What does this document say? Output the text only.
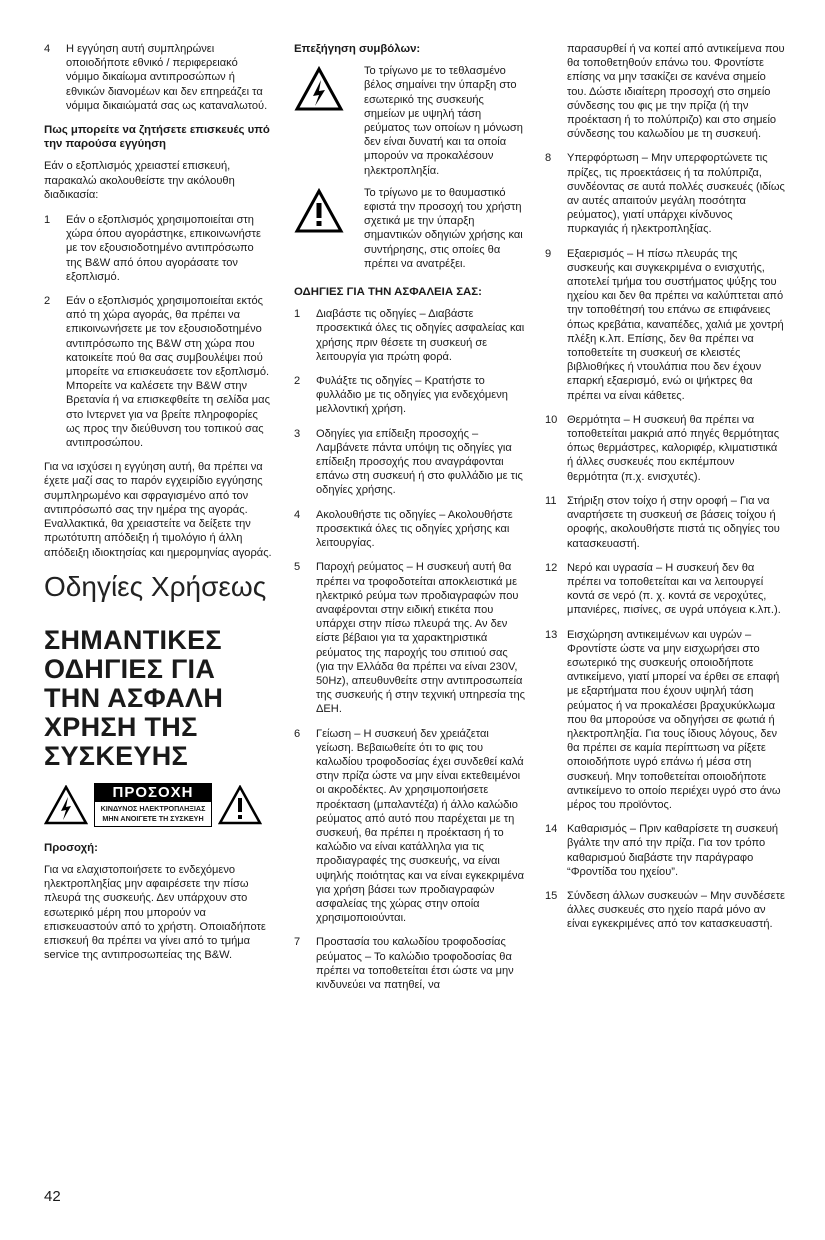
4	Η εγγύηση αυτή συμπληρώνει οποιοδήποτε εθνικό / περιφερειακό νόμιμο δικαίωμα αντιπροσώπων ή εθνικών διανομέων και δεν επηρεάζει τα νόμιμα δικαιώματά σας ως καταναλωτού.
Πως μπορείτε να ζητήσετε επισκευές υπό την παρούσα εγγύηση

Εάν ο εξοπλισμός χρειαστεί επισκευή, παρακαλώ ακολουθείστε την ακόλουθη διαδικασία:

1	Εάν ο εξοπλισμός χρησιμοποιείται στη χώρα όπου αγοράστηκε, επικοινωνήστε με τον εξουσιοδοτημένο αντιπρόσωπο της B&W από όπου αγοράσατε τον εξοπλισμό.
2	Εάν ο εξοπλισμός χρησιμοποιείται εκτός από τη χώρα αγοράς, θα πρέπει να επικοινωνήσετε με τον εξουσιοδοτημένο αντιπρόσωπο της B&W στη χώρα που κατοικείτε πού θα σας συμβουλέψει πού μπορείτε να επισκευάσετε τον εξοπλισμό. Μπορείτε να καλέσετε την B&W στην Βρετανία ή να επισκεφθείτε τη σελίδα μας στο Ιντερνετ για να βρείτε πληροφορίες ως προς την διεύθυνση του τοπικού σας αντιπροσώπου.

Για να ισχύσει η εγγύηση αυτή, θα πρέπει να έχετε μαζί σας το παρόν εγχειρίδιο εγγύησης συμπληρωμένο και σφραγισμένο από τον αντιπρόσωπό σας την ημέρα της αγοράς. Εναλλακτικά, θα χρειαστείτε να δείξετε την πρωτότυπη απόδειξη ή τιμολόγιο ή άλλη απόδειξη ιδιοκτησίας και ημερομηνίας αγοράς.

Οδηγίες Χρήσεως
ΣΗΜΑΝΤΙΚΕΣ ΟΔΗΓΙΕΣ ΓΙΑ ΤΗΝ ΑΣΦΑΛΗ ΧΡΗΣΗ ΤΗΣ ΣΥΣΚΕΥΗΣ
ΠΡΟΣΟΧΗ
ΚΙΝΔΥΝΟΣ ΗΛΕΚΤΡΟΠΛΗΞΙΑΣ
ΜΗΝ ΑΝΟΙΓΕΤΕ ΤΗ ΣΥΣΚΕΥΗ
Προσοχή:

Για να ελαχιστοποιήσετε το ενδεχόμενο ηλεκτροπληξίας μην αφαιρέσετε την πίσω πλευρά της συσκευής. Δεν υπάρχουν στο εσωτερικό μέρη που μπορούν να επισκευαστούν από το χρήστη. Οποιαδήποτε επισκευή θα πρέπει να γίνει από το τμήμα service της αντιπροσωπείας της B&W.

Επεξήγηση συμβόλων:
Το τρίγωνο με το τεθλασμένο βέλος σημαίνει την ύπαρξη στο εσωτερικό της συσκευής σημείων με υψηλή τάση ρεύματος των οποίων η μόνωση δεν είναι δυνατή και τα οποία μπορούν να προκαλέσουν ηλεκτροπληξία.
Το τρίγωνο με το θαυμαστικό εφιστά την προσοχή του χρήστη σχετικά με την ύπαρξη σημαντικών οδηγιών χρήσης και συντήρησης, στις οποίες θα πρέπει να ανατρέξει.
ΟΔΗΓΙΕΣ ΓΙΑ ΤΗΝ ΑΣΦΑΛΕΙΑ ΣΑΣ:
1	Διαβάστε τις οδηγίες – Διαβάστε προσεκτικά όλες τις οδηγίες ασφαλείας και χρήσης πριν θέσετε τη συσκευή σε λειτουργία για πρώτη φορά.
2	Φυλάξτε τις οδηγίες – Κρατήστε το φυλλάδιο με τις οδηγίες για ενδεχόμενη μελλοντική χρήση.
3	Οδηγίες για επίδειξη προσοχής – Λαμβάνετε πάντα υπόψη τις οδηγίες για επίδειξη προσοχής που αναγράφονται επάνω στη συσκευή ή στο φυλλάδιο με τις οδηγίες χρήσης.
4	Ακολουθήστε τις οδηγίες – Ακολουθήστε προσεκτικά όλες τις οδηγίες χρήσης και λειτουργίας.
5	Παροχή ρεύματος – Η συσκευή αυτή θα πρέπει να τροφοδοτείται αποκλειστικά με ηλεκτρικό ρεύμα των προδιαγραφών που αναφέρονται στην ειδική ετικέτα που υπάρχει στην πίσω πλευρά της. Αν δεν είστε βέβαιοι για τα χαρακτηριστικά ρεύματος της παροχής του σπιτιού σας (για την Ελλάδα θα πρέπει να είναι 230V, 50Hz), απευθυνθείτε στην αντιπροσωπεία της συσκευής ή στην τεχνική υπηρεσία της ΔΕΗ.
6	Γείωση – Η συσκευή δεν χρειάζεται γείωση. Βεβαιωθείτε ότι το φις του καλωδίου τροφοδοσίας έχει συνδεθεί καλά στην πρίζα ώστε να μην είναι εκτεθειμένοι οι ακροδέκτες. Αν χρησιμοποιήσετε προέκταση (μπαλαντέζα) ή άλλο καλώδιο ρεύματος από αυτό που παρέχεται με τη συσκευή, θα πρέπει η προέκταση ή το καλώδιο να είναι κατάλληλα για τις προδιαγραφές της συσκευής, να είναι υψηλής ποιότητας και να είναι εγκεκριμένα για χρήση βάσει των προδιαγραφών ασφαλείας της χώρας στην οποία χρησιμοποιούνται.
7	Προστασία του καλωδίου τροφοδοσίας ρεύματος – Το καλώδιο τροφοδοσίας θα πρέπει να τοποθετείται έτσι ώστε να μην κινδυνεύει να πατηθεί, να
παρασυρθεί ή να κοπεί από αντικείμενα που θα τοποθετηθούν επάνω του. Φροντίστε επίσης να μην τσακίζει σε κανένα σημείο του. Δώστε ιδιαίτερη προσοχή στο σημείο σύνδεσης του φις με την πρίζα (ή την προέκταση ή το πολύπριζο) και στο σημείο σύνδεσης του καλωδίου με τη συσκευή.
8	Υπερφόρτωση – Μην υπερφορτώνετε τις πρίζες, τις προεκτάσεις ή τα πολύπριζα, συνδέοντας σε αυτά πολλές συσκευές (ιδίως αν αυτές απαιτούν μεγάλη ποσότητα ρεύματος), γιατί υπάρχει κίνδυνος πυρκαγιάς ή ηλεκτροπληξίας.
9	Εξαερισμός – Η πίσω πλευράς της συσκευής και συγκεκριμένα ο ενισχυτής, αποτελεί τμήμα του συστήματος ψύξης του ηχείου και δεν θα πρέπει να καλύπτεται από την τοποθέτησή του επάνω σε επιφάνειες όπως κρεβάτια, καναπέδες, χαλιά με χοντρή πλέξη κ.λπ. Επίσης, δεν θα πρέπει να τοποθετείτε τη συσκευή σε κλειστές βιβλιοθήκες ή ντουλάπια που δεν έχουν επαρκή εξαερισμό, ενώ οι ψήκτρες θα πρέπει να είναι κάθετες.
10 Θερμότητα – Η συσκευή θα πρέπει να τοποθετείται μακριά από πηγές θερμότητας όπως θερμάστρες, καλοριφέρ, κλιματιστικά ή άλλες συσκευές που εκπέμπουν θερμότητα (π.χ. ενισχυτές).
11 Στήριξη στον τοίχο ή στην οροφή – Για να αναρτήσετε τη συσκευή σε βάσεις τοίχου ή οροφής, ακολουθήστε πιστά τις οδηγίες του κατασκευαστή.
12 Νερό και υγρασία – Η συσκευή δεν θα πρέπει να τοποθετείται και να λειτουργεί κοντά σε νερό (π. χ. κοντά σε νεροχύτες, μπανιέρες, πισίνες, σε υγρά υπόγεια κ.λπ.).
13 Εισχώρηση αντικειμένων και υγρών – Φροντίστε ώστε να μην εισχωρήσει στο εσωτερικό της συσκευής οποιοδήποτε αντικείμενο, γιατί μπορεί να έρθει σε επαφή με εξαρτήματα που έχουν υψηλή τάση ρεύματος ή να προκαλέσει βραχυκύκλωμα που θα μπορούσε να οδηγήσει σε φωτιά ή ηλεκτροπληξία. Για τους ίδιους λόγους, δεν θα πρέπει σε καμία περίπτωση να ρίξετε οποιοδήποτε υγρό επάνω ή μέσα στη συσκευή. Μην τοποθετείται οποιοδήποτε αντικείμενο το οποίο περιέχει υγρό στο άνω μέρος του προϊόντος.
14 Καθαρισμός – Πριν καθαρίσετε τη συσκευή βγάλτε την από την πρίζα. Για τον τρόπο καθαρισμού διαβάστε την παράγραφο “Φροντίδα του ηχείου”.
15 Σύνδεση άλλων συσκευών – Μην συνδέσετε άλλες συσκευές στο ηχείο παρά μόνο αν είναι εγκεκριμένες από τον κατασκευαστή.
42
